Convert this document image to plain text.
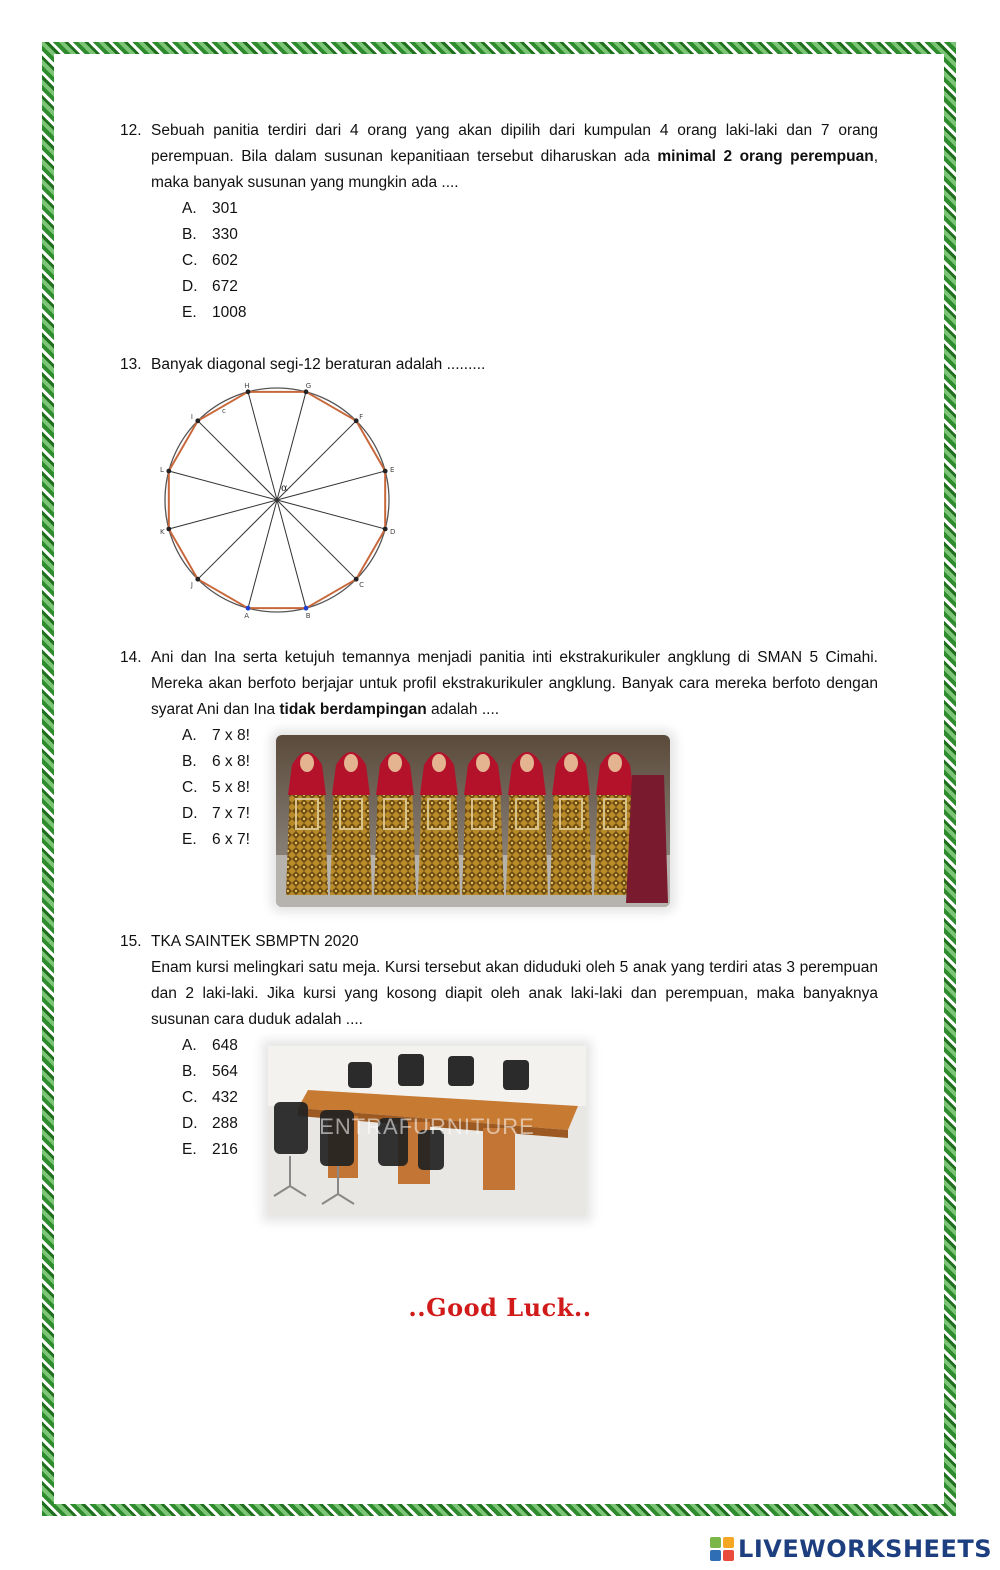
12. Sebuah panitia terdiri dari 4 orang yang akan dipilih dari kumpulan 4 orang laki-laki dan 7 orang perempuan. Bila dalam susunan kepanitiaan tersebut diharuskan ada minimal 2 orang perempuan, maka banyak susunan yang mungkin ada ....
A. 301
B. 330
C. 602
D. 672
E. 1008
13. Banyak diagonal segi-12 beraturan adalah .........
14. Ani dan Ina serta ketujuh temannya menjadi panitia inti ekstrakurikuler angklung di SMAN 5 Cimahi. Mereka akan berfoto berjajar untuk profil ekstrakurikuler angklung. Banyak cara mereka berfoto dengan syarat Ani dan Ina tidak berdampingan adalah ....
A. 7 x 8!
B. 6 x 8!
C. 5 x 8!
D. 7 x 7!
E. 6 x 7!
15. TKA SAINTEK SBMPTN 2020
Enam kursi melingkari satu meja. Kursi tersebut akan diduduki oleh 5 anak yang terdiri atas 3 perempuan dan 2 laki-laki. Jika kursi yang kosong diapit oleh anak laki-laki dan perempuan, maka banyaknya susunan cara duduk adalah ....
A. 648
B. 564
C. 432
D. 288
E. 216
H	G
F
E
D
C
B
A
J
K
L
I
α
c
ENTRAFURNITURE
..Good Luck..
LIVEWORKSHEETS
